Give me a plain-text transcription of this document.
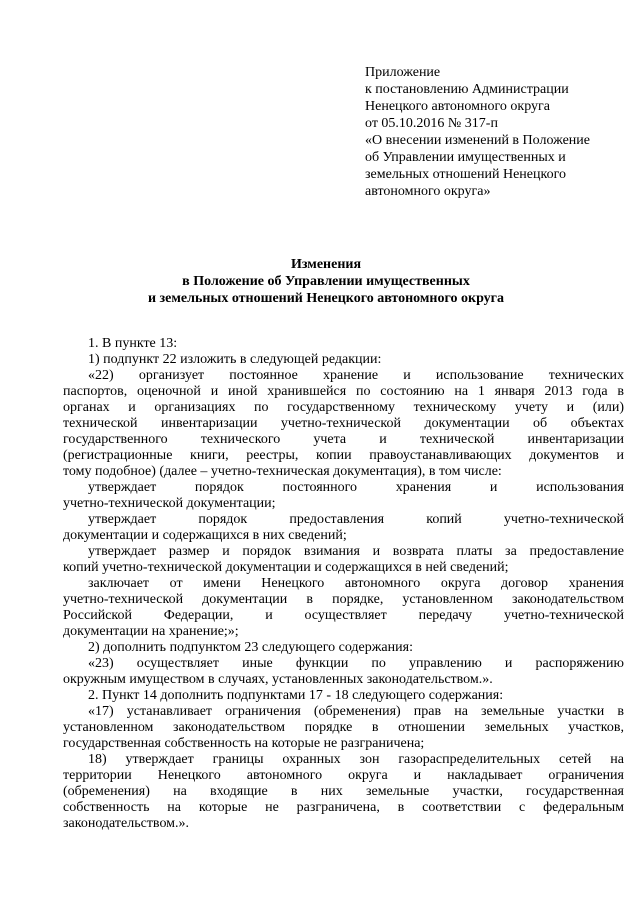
Приложение
к постановлению Администрации
Ненецкого автономного округа
от 05.10.2016 № 317-п
«О внесении изменений в Положение
об Управлении имущественных и
земельных отношений Ненецкого
автономного округа»
Изменения
в Положение об Управлении имущественных
и земельных отношений Ненецкого автономного округа
1. В пункте 13:
1) подпункт 22 изложить в следующей редакции:
«22) организует постоянное хранение и использование технических
паспортов, оценочной и иной хранившейся по состоянию на 1 января 2013 года в
органах и организациях по государственному техническому учету и (или)
технической инвентаризации учетно-технической документации об объектах
государственного технического учета и технической инвентаризации
(регистрационные книги, реестры, копии правоустанавливающих документов и
тому подобное) (далее – учетно-техническая документация), в том числе:
утверждает порядок постоянного хранения и использования
учетно-технической документации;
утверждает порядок предоставления копий учетно-технической
документации и содержащихся в них сведений;
утверждает размер и порядок взимания и возврата платы за предоставление
копий учетно-технической документации и содержащихся в ней сведений;
заключает от имени Ненецкого автономного округа договор хранения
учетно-технической документации в порядке, установленном законодательством
Российской Федерации, и осуществляет передачу учетно-технической
документации на хранение;»;
2) дополнить подпунктом 23 следующего содержания:
«23) осуществляет иные функции по управлению и распоряжению
окружным имуществом в случаях, установленных законодательством.».
2. Пункт 14 дополнить подпунктами 17 - 18 следующего содержания:
«17) устанавливает ограничения (обременения) прав на земельные участки в
установленном законодательством порядке в отношении земельных участков,
государственная собственность на которые не разграничена;
18) утверждает границы охранных зон газораспределительных сетей на
территории Ненецкого автономного округа и накладывает ограничения
(обременения) на входящие в них земельные участки, государственная
собственность на которые не разграничена, в соответствии с федеральным
законодательством.».
